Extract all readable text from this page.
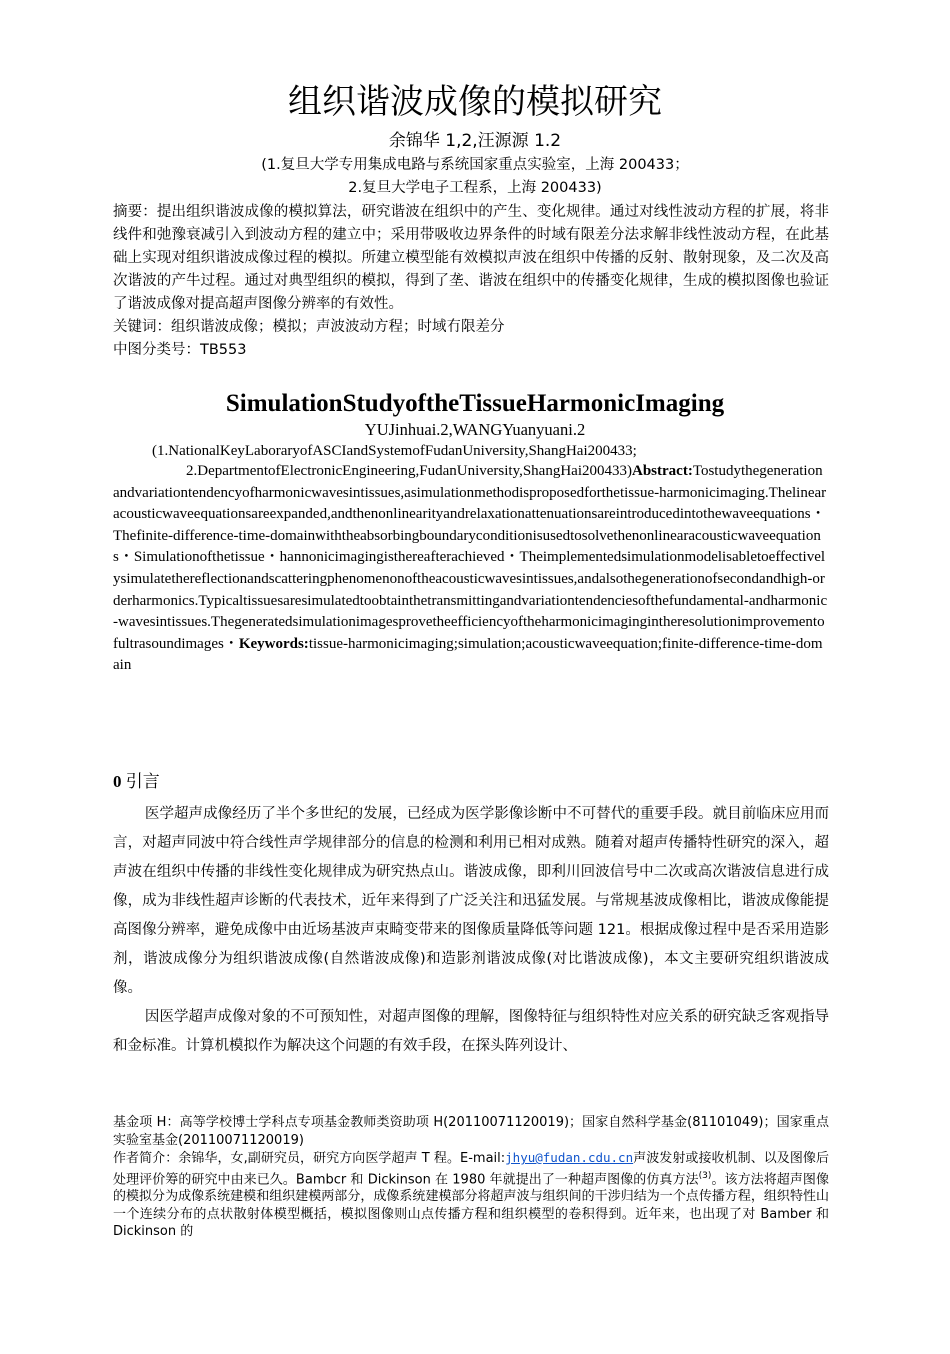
组织谐波成像的模拟研究
余锦华 1,2,汪源源 1.2
(1.复旦大学专用集成电路与系统国家重点实验室，上海 200433；
2.复旦大学电子工程系，上海 200433)
摘要：提出组织谐波成像的模拟算法，研究谐波在组织中的产生、变化规律。通过对线性波动方程的扩展，将非线件和弛豫衰减引入到波动方程的建立中；采用带吸收边界条件的时域有限差分法求解非线性波动方程，在此基础上实现对组织谐波成像过程的模拟。所建立模型能有效模拟声波在组织中传播的反射、散射现象，及二次及高次谐波的产牛过程。通过对典型组织的模拟，得到了垄、谐波在组织中的传播变化规律，生成的模拟图像也验证了谐波成像对提高超声图像分辨率的有效性。
关键词：组织谐波成像；模拟；声波波动方程；时域冇限差分
中图分类号：TB553
SimulationStudyoftheTissueHarmonicImaging
YUJinhuai.2,WANGYuanyuani.2
(1.NationalKeyLaboraryofASCIandSystemofFudanUniversity,ShangHai200433;
2.DepartmentofElectronicEngineering,FudanUniversity,ShangHai200433)Abstract:Tostudythegenerationandvariationtendencyofharmonicwavesintissues,asimulationmethodisproposedforthetissue-harmonicimaging.Thelinearacousticwaveequationsareexpanded,andthenonlinearityandrelaxationattenuationsareintroducedintothewaveequations・Thefinite-difference-time-domainwiththeabsorbingboundaryconditionisusedtosolvethenonlinearacousticwaveequations・Simulationofthetissue・hannonicimagingisthereafterachieved・Theimplementedsimulationmodelisabletoeffectivelysimulatethereflectionandscatteringphenomenonoftheacousticwavesintissues,andalsothegenerationofsecondandhigh-orderharmonics.Typicaltissuesaresimulatedtoobtainthetransmittingandvariationtendenciesofthefundamental-andharmonic-wavesintissues.Thegeneratedsimulationimagesprovetheefficiencyoftheharmonicimagingintheresolutionimprovementofultrasoundimages・Keywords:tissue-harmonicimaging;simulation;acousticwaveequation;finite-difference-time-domain
0 引言

医学超声成像经历了半个多世纪的发展，已经成为医学影像诊断中不可替代的重要手段。就目前临床应用而言，对超声同波中符合线性声学规律部分的信息的检测和利用已相对成熟。随着对超声传播特性研究的深入，超声波在组织中传播的非线性变化规律成为研究热点山。谐波成像，即利川回波信号中二次或高次谐波信息进行成像，成为非线性超声诊断的代表技术，近年来得到了广泛关注和迅猛发展。与常规基波成像相比，谐波成像能提高图像分辨率，避免成像中由近场基波声束畸变带来的图像质量降低等问题 121。根据成像过程中是否采用造影剂，谐波成像分为组织谐波成像(自然谐波成像)和造影剂谐波成像(对比谐波成像)，本文主要研究组织谐波成像。

因医学超声成像对象的不可预知性，对超声图像的理解，图像特征与组织特性对应关系的研究缺乏客观指导和金标准。计算机模拟作为解决这个问题的有效手段，在探头阵列设计、

基金项 H：高等学校博士学科点专项基金教师类资助项 H(20110071120019)；国家自然科学基金(81101049)；国家重点实验室基金(20110071120019)
作者简介：余锦华，女,副研究员，研究方向医学超声 T 程。E-mail:jhyu@fudan.cdu.cn声波发射或接收机制、以及图像后处理评价筹的研究中由来已久。Bambcr 和 Dickinson 在 1980 年就提出了一种超声图像的仿真方法$^{(3)}$。该方法将超声图像的模拟分为成像系统建模和组织建模两部分，成像系统建模部分将超声波与组织间的干涉归结为一个点传播方程，组织特性山一个连续分布的点状散射体模型概括，模拟图像则山点传播方程和组织模型的卷积得到。近年来，也出现了对 Bamber 和 Dickinson 的
